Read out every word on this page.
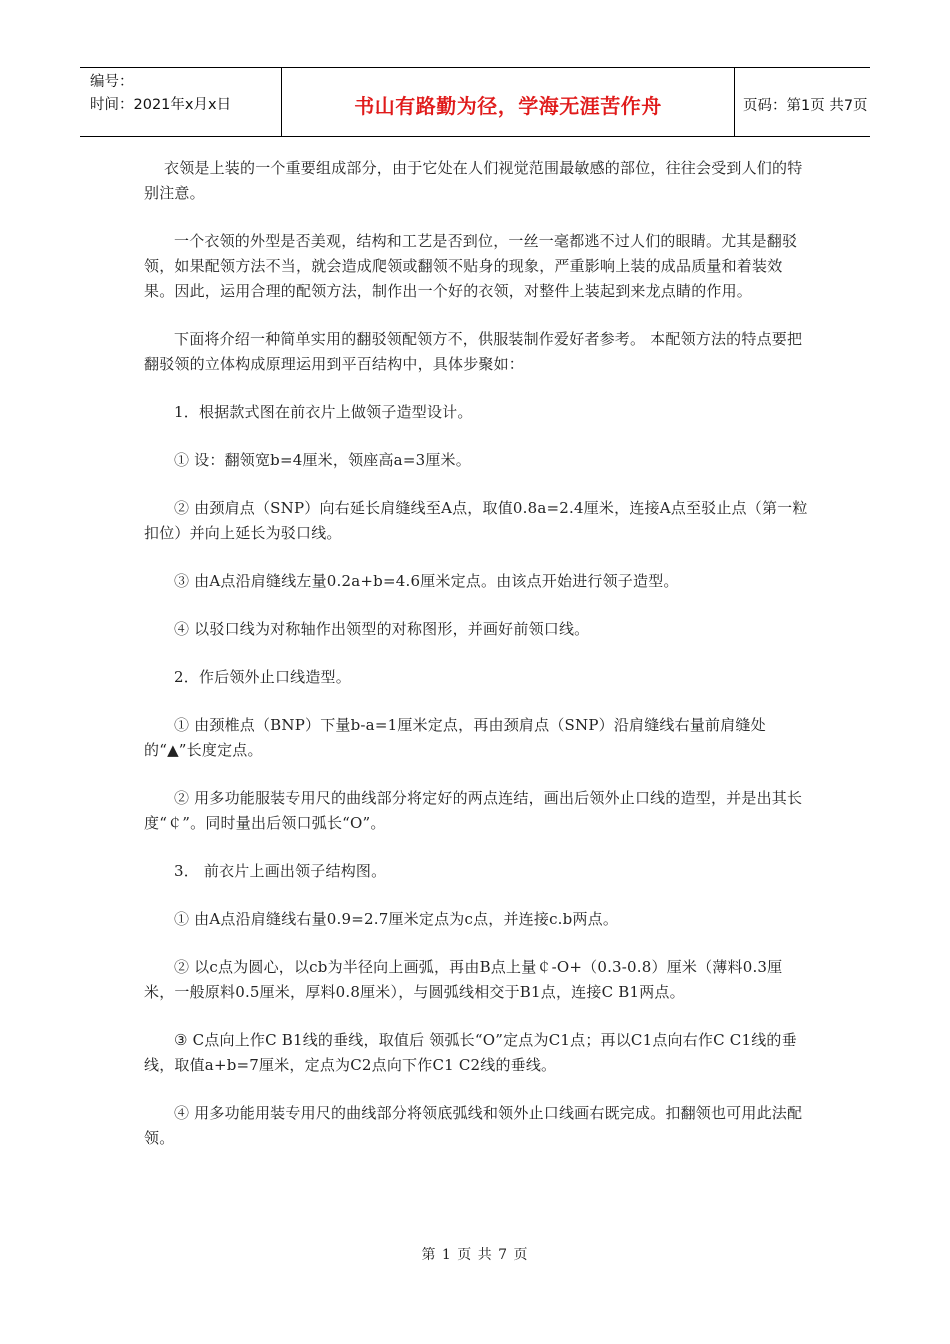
编号：
时间：2021年x月x日	书山有路勤为径，学海无涯苦作舟	页码：第1页 共7页

衣领是上装的一个重要组成部分，由于它处在人们视觉范围最敏感的部位，往往会受到人们的特别注意。

一个衣领的外型是否美观，结构和工艺是否到位，一丝一毫都逃不过人们的眼睛。尤其是翻驳领，如果配领方法不当，就会造成爬领或翻领不贴身的现象，严重影响上装的成品质量和着装效果。因此，运用合理的配领方法，制作出一个好的衣领，对整件上装起到来龙点睛的作用。

下面将介绍一种简单实用的翻驳领配领方不，供服装制作爱好者参考。 本配领方法的特点要把翻驳领的立体构成原理运用到平百结构中，具体步聚如：

1．根据款式图在前衣片上做领子造型设计。

① 设：翻领宽b=4厘米，领座高a=3厘米。

② 由颈肩点（SNP）向右延长肩缝线至A点，取值0.8a=2.4厘米，连接A点至驳止点（第一粒扣位）并向上延长为驳口线。

③ 由A点沿肩缝线左量0.2a+b=4.6厘米定点。由该点开始进行领子造型。

④ 以驳口线为对称轴作出领型的对称图形，并画好前领口线。

2．作后领外止口线造型。

① 由颈椎点（BNP）下量b-a=1厘米定点，再由颈肩点（SNP）沿肩缝线右量前肩缝处的“▲”长度定点。

② 用多功能服装专用尺的曲线部分将定好的两点连结，画出后领外止口线的造型，并是出其长度“￠”。同时量出后领口弧长“O”。

3． 前衣片上画出领子结构图。

① 由A点沿肩缝线右量0.9=2.7厘米定点为c点，并连接c.b两点。

② 以c点为圆心，以cb为半径向上画弧，再由B点上量￠-O+（0.3-0.8）厘米（薄料0.3厘米，一般原料0.5厘米，厚料0.8厘米），与圆弧线相交于B1点，连接C B1两点。

③ C点向上作C B1线的垂线，取值后 领弧长“O”定点为C1点；再以C1点向右作C C1线的垂线，取值a+b=7厘米，定点为C2点向下作C1 C2线的垂线。

④ 用多功能用装专用尺的曲线部分将领底弧线和领外止口线画右既完成。扣翻领也可用此法配领。

第 1 页 共 7 页
